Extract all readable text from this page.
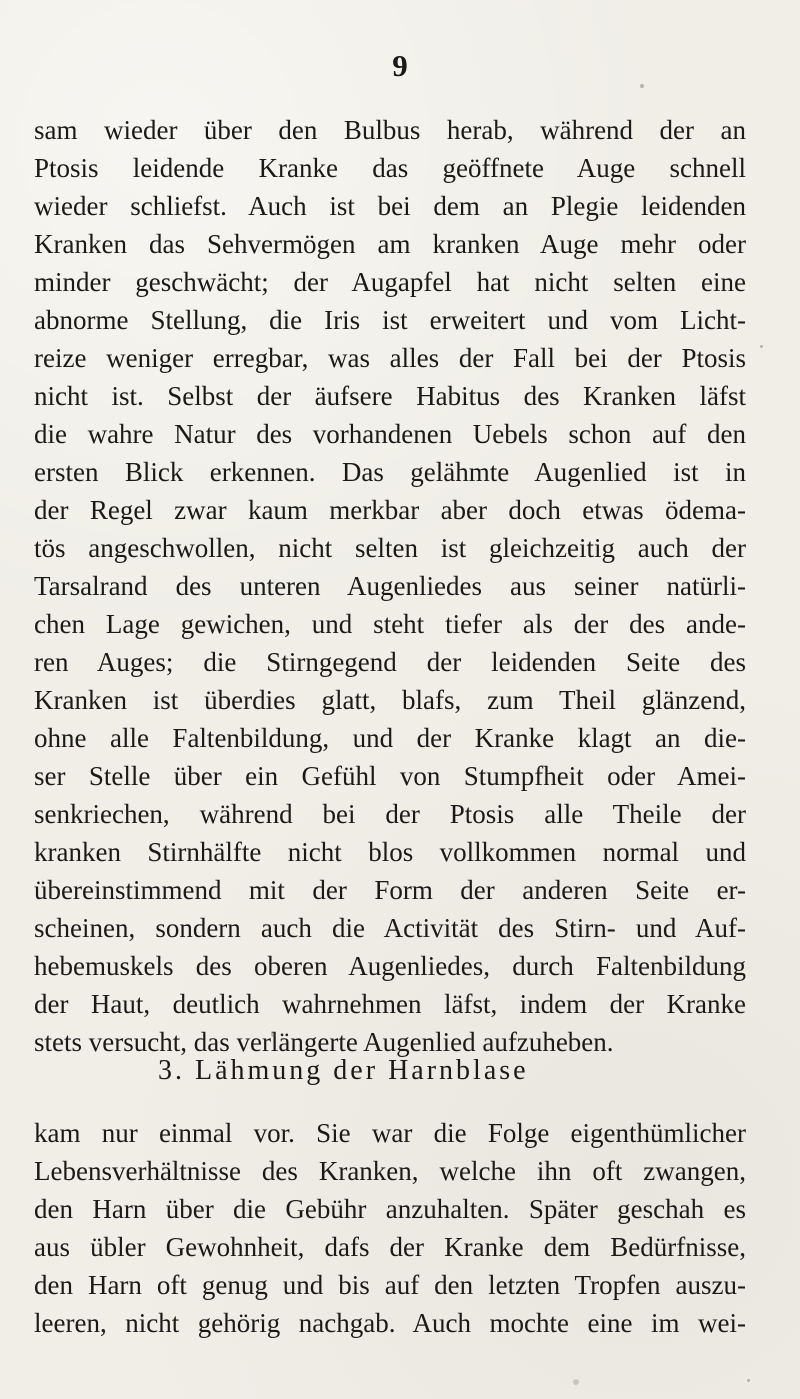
9
sam wieder über den Bulbus herab, während der an
Ptosis leidende Kranke das geöffnete Auge schnell
wieder schliefst. Auch ist bei dem an Plegie leidenden
Kranken das Sehvermögen am kranken Auge mehr oder
minder geschwächt; der Augapfel hat nicht selten eine
abnorme Stellung, die Iris ist erweitert und vom Licht-
reize weniger erregbar, was alles der Fall bei der Ptosis
nicht ist. Selbst der äufsere Habitus des Kranken läfst
die wahre Natur des vorhandenen Uebels schon auf den
ersten Blick erkennen. Das gelähmte Augenlied ist in
der Regel zwar kaum merkbar aber doch etwas ödema-
tös angeschwollen, nicht selten ist gleichzeitig auch der
Tarsalrand des unteren Augenliedes aus seiner natürli-
chen Lage gewichen, und steht tiefer als der des ande-
ren Auges; die Stirngegend der leidenden Seite des
Kranken ist überdies glatt, blafs, zum Theil glänzend,
ohne alle Faltenbildung, und der Kranke klagt an die-
ser Stelle über ein Gefühl von Stumpfheit oder Amei-
senkriechen, während bei der Ptosis alle Theile der
kranken Stirnhälfte nicht blos vollkommen normal und
übereinstimmend mit der Form der anderen Seite er-
scheinen, sondern auch die Activität des Stirn- und Auf-
hebemuskels des oberen Augenliedes, durch Faltenbildung
der Haut, deutlich wahrnehmen läfst, indem der Kranke
stets versucht, das verlängerte Augenlied aufzuheben.
3. Lähmung der Harnblase
kam nur einmal vor. Sie war die Folge eigenthümlicher
Lebensverhältnisse des Kranken, welche ihn oft zwangen,
den Harn über die Gebühr anzuhalten. Später geschah es
aus übler Gewohnheit, dafs der Kranke dem Bedürfnisse,
den Harn oft genug und bis auf den letzten Tropfen auszu-
leeren, nicht gehörig nachgab. Auch mochte eine im wei-
